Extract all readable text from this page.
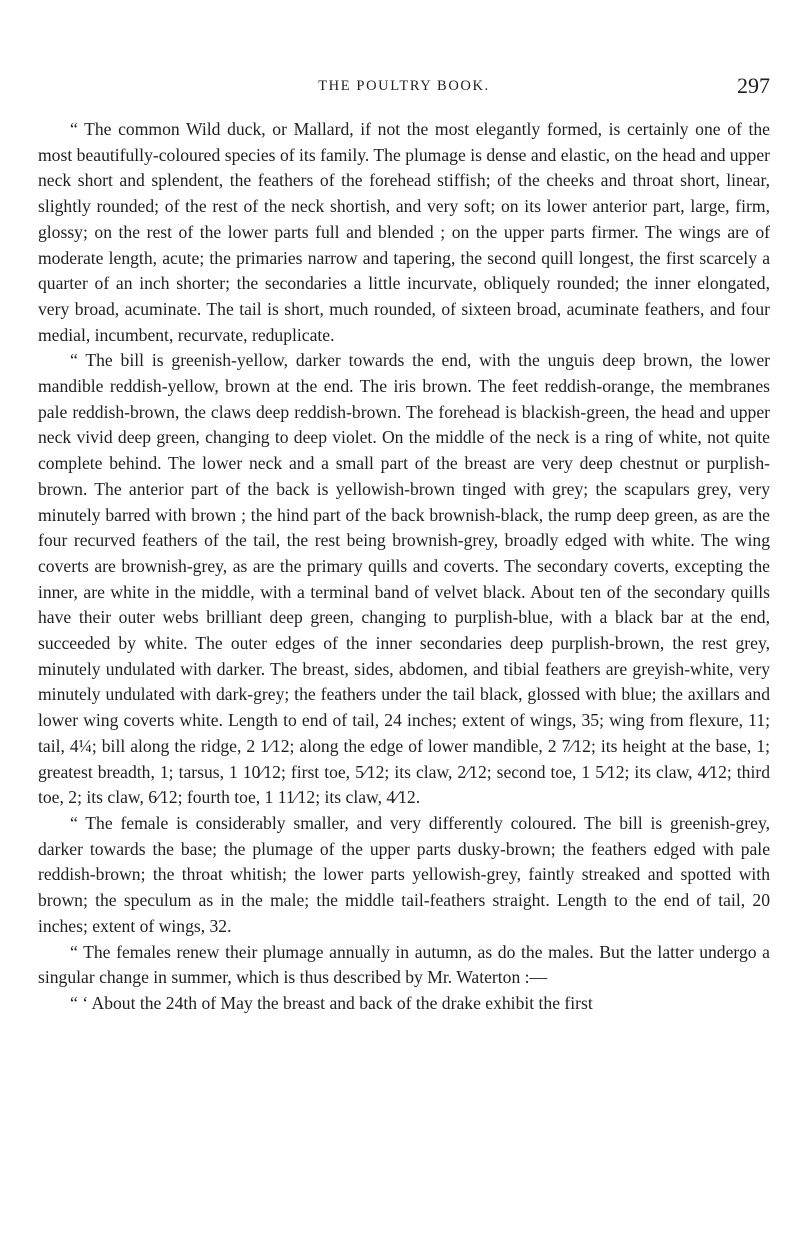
THE POULTRY BOOK.	297

“ The common Wild duck, or Mallard, if not the most elegantly formed, is certainly one of the most beautifully-coloured species of its family. The plumage is dense and elastic, on the head and upper neck short and splendent, the feathers of the forehead stiffish; of the cheeks and throat short, linear, slightly rounded; of the rest of the neck shortish, and very soft; on its lower anterior part, large, firm, glossy; on the rest of the lower parts full and blended ; on the upper parts firmer. The wings are of moderate length, acute; the primaries narrow and tapering, the second quill longest, the first scarcely a quarter of an inch shorter; the secondaries a little incurvate, obliquely rounded; the inner elongated, very broad, acuminate. The tail is short, much rounded, of sixteen broad, acuminate feathers, and four medial, incumbent, recurvate, reduplicate.

“ The bill is greenish-yellow, darker towards the end, with the unguis deep brown, the lower mandible reddish-yellow, brown at the end. The iris brown. The feet reddish-orange, the membranes pale reddish-brown, the claws deep reddish-brown. The forehead is blackish-green, the head and upper neck vivid deep green, changing to deep violet. On the middle of the neck is a ring of white, not quite complete behind. The lower neck and a small part of the breast are very deep chestnut or purplish-brown. The anterior part of the back is yellowish-brown tinged with grey; the scapulars grey, very minutely barred with brown ; the hind part of the back brownish-black, the rump deep green, as are the four recurved feathers of the tail, the rest being brownish-grey, broadly edged with white. The wing coverts are brownish-grey, as are the primary quills and coverts. The secondary coverts, excepting the inner, are white in the middle, with a terminal band of velvet black. About ten of the secondary quills have their outer webs brilliant deep green, changing to purplish-blue, with a black bar at the end, succeeded by white. The outer edges of the inner secondaries deep purplish-brown, the rest grey, minutely undulated with darker. The breast, sides, abdomen, and tibial feathers are greyish-white, very minutely undulated with dark-grey; the feathers under the tail black, glossed with blue; the axillars and lower wing coverts white. Length to end of tail, 24 inches; extent of wings, 35; wing from flexure, 11; tail, 4¼; bill along the ridge, 2 1⁄12; along the edge of lower mandible, 2 7⁄12; its height at the base, 1; greatest breadth, 1; tarsus, 1 10⁄12; first toe, 5⁄12; its claw, 2⁄12; second toe, 1 5⁄12; its claw, 4⁄12; third toe, 2; its claw, 6⁄12; fourth toe, 1 11⁄12; its claw, 4⁄12.

“ The female is considerably smaller, and very differently coloured. The bill is greenish-grey, darker towards the base; the plumage of the upper parts dusky-brown; the feathers edged with pale reddish-brown; the throat whitish; the lower parts yellowish-grey, faintly streaked and spotted with brown; the speculum as in the male; the middle tail-feathers straight. Length to the end of tail, 20 inches; extent of wings, 32.

“ The females renew their plumage annually in autumn, as do the males. But the latter undergo a singular change in summer, which is thus described by Mr. Waterton :—

“ ‘ About the 24th of May the breast and back of the drake exhibit the first
